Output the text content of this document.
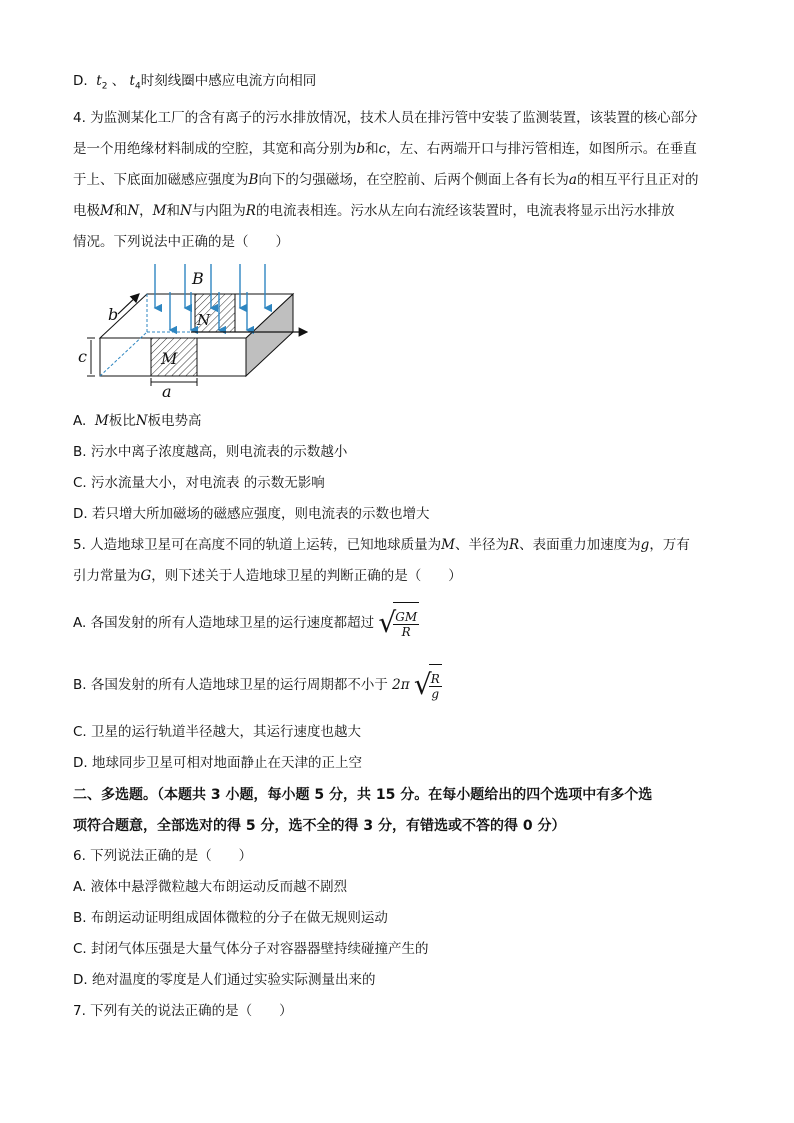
D. $t_2$ 、 $t_4$时刻线圈中感应电流方向相同
4. 为监测某化工厂的含有离子的污水排放情况，技术人员在排污管中安装了监测装置，该装置的核心部分
是一个用绝缘材料制成的空腔，其宽和高分别为b和c，左、右两端开口与排污管相连，如图所示。在垂直
于上、下底面加磁感应强度为B向下的匀强磁场，在空腔前、后两个侧面上各有长为a的相互平行且正对的
电极M和N，M和N与内阻为R的电流表相连。污水从左向右流经该装置时，电流表将显示出污水排放
情况。下列说法中正确的是（　　）
N
M
B
b
c
a
A. M板比N板电势高
B. 污水中离子浓度越高，则电流表的示数越小
C. 污水流量大小，对电流表 的示数无影响
D. 若只增大所加磁场的磁感应强度，则电流表的示数也增大
5. 人造地球卫星可在高度不同的轨道上运转，已知地球质量为M、半径为R、表面重力加速度为g，万有
引力常量为G，则下述关于人造地球卫星的判断正确的是（　　）
A. 各国发射的所有人造地球卫星的运行速度都超过 √
$\frac{GM}{R}$
B. 各国发射的所有人造地球卫星的运行周期都不小于 2π √
$\frac{R}{g}$
C. 卫星的运行轨道半径越大，其运行速度也越大
D. 地球同步卫星可相对地面静止在天津的正上空
二、多选题。（本题共 3 小题，每小题 5 分，共 15 分。在每小题给出的四个选项中有多个选
项符合题意，全部选对的得 5 分，选不全的得 3 分，有错选或不答的得 0 分）
6. 下列说法正确的是（　　）
A. 液体中悬浮微粒越大布朗运动反而越不剧烈
B. 布朗运动证明组成固体微粒的分子在做无规则运动
C. 封闭气体压强是大量气体分子对容器器壁持续碰撞产生的
D. 绝对温度的零度是人们通过实验实际测量出来的
7. 下列有关的说法正确的是（　　）
